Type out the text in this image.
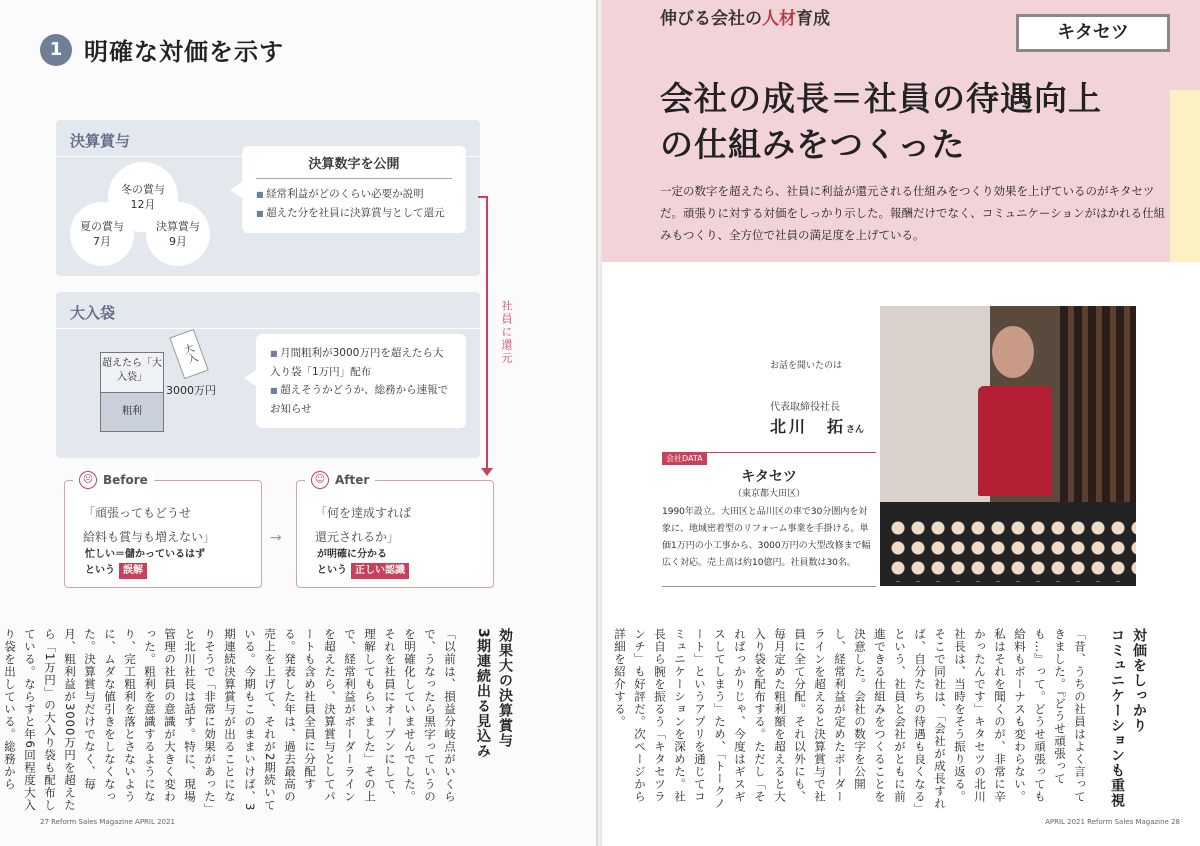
1 明確な対価を示す
決算賞与
冬の賞与
12月
夏の賞与
7月
決算賞与
9月
決算数字を公開
■ 経常利益がどのくらい必要か説明
■ 超えた分を社員に決算賞与として還元
社員に還元
大入袋
大入
超えたら「大入袋」
粗利
3000万円
■ 月間粗利が3000万円を超えたら大入り袋「1万円」配布
■ 超えそうかどうか、総務から速報でお知らせ
☹ Before
「頑張ってもどうせ
給料も賞与も増えない」
忙しい＝儲かっているはず
という 誤解
→
☺ After
「何を達成すれば
還元されるか」
が明確に分かる
という 正しい認識
効果大の決算賞与
3期連続出る見込み
「以前は、損益分岐点がいくらで、うなったら黒字っていうのを明確化していませんでした。それを社員にオープンにして、理解してもらいました」その上で、経常利益がボーダーラインを超えたら、決算賞与としてパートも含め社員全員に分配する。発表した年は、過去最高の売上を上げて、それが2期続いている。今期もこのままいけば、3期連続決算賞与が出ることになりそうで「非常に効果があった」と北川社長は話す。特に、現場管理の社員の意識が大きく変わった。粗利を意識するようになり、完工粗利を落とさないように、ムダな値引きをしなくなった。決算賞与だけでなく、毎月、粗利益が3000万円を超えたら「1万円」の大入り袋も配布している。ならすと年6回程度大入り袋を出している。総務から
27 Reform Sales Magazine APRIL 2021
伸びる会社の人材育成
キタセツ
会社の成長＝社員の待遇向上
の仕組みをつくった
一定の数字を超えたら、社員に利益が還元される仕組みをつくり効果を上げているのがキタセツだ。頑張りに対する対価をしっかり示した。報酬だけでなく、コミュニケーションがはかれる仕組みもつくり、全方位で社員の満足度を上げている。
お話を聞いたのは
代表取締役社長
北川　拓さん
会社DATA
キタセツ
（東京都大田区）
1990年設立。大田区と品川区の車で30分圏内を対象に、地域密着型のリフォーム事業を手掛ける。単価1万円の小工事から、3000万円の大型改修まで幅広く対応。売上高は約10億円。社員数は30名。
対価をしっかり
コミュニケーションも重視
「昔、うちの社員はよく言ってきました。『どうせ頑張っても…』って。どうせ頑張っても給料もボーナスも変わらない。私はそれを聞くのが、非常に辛かったんです」キタセツの北川社長は、当時をそう振り返る。そこで同社は、「会社が成長すれば、自分たちの待遇も良くなる」という、社員と会社がともに前進できる仕組みをつくることを決意した。会社の数字を公開し、経常利益が定めたボーダーラインを超えると決算賞与で社員に全て分配。それ以外にも、毎月定めた粗利額を超えると大入り袋を配布する。ただし「それぱっかりじゃ、今度はギスギスしてしまう」ため、「トークノート」というアプリを通じてコミュニケーションを深めた。社長自ら腕を振るう「キタセツランチ」も好評だ。次ページから詳細を紹介する。
APRIL 2021 Reform Sales Magazine 28
